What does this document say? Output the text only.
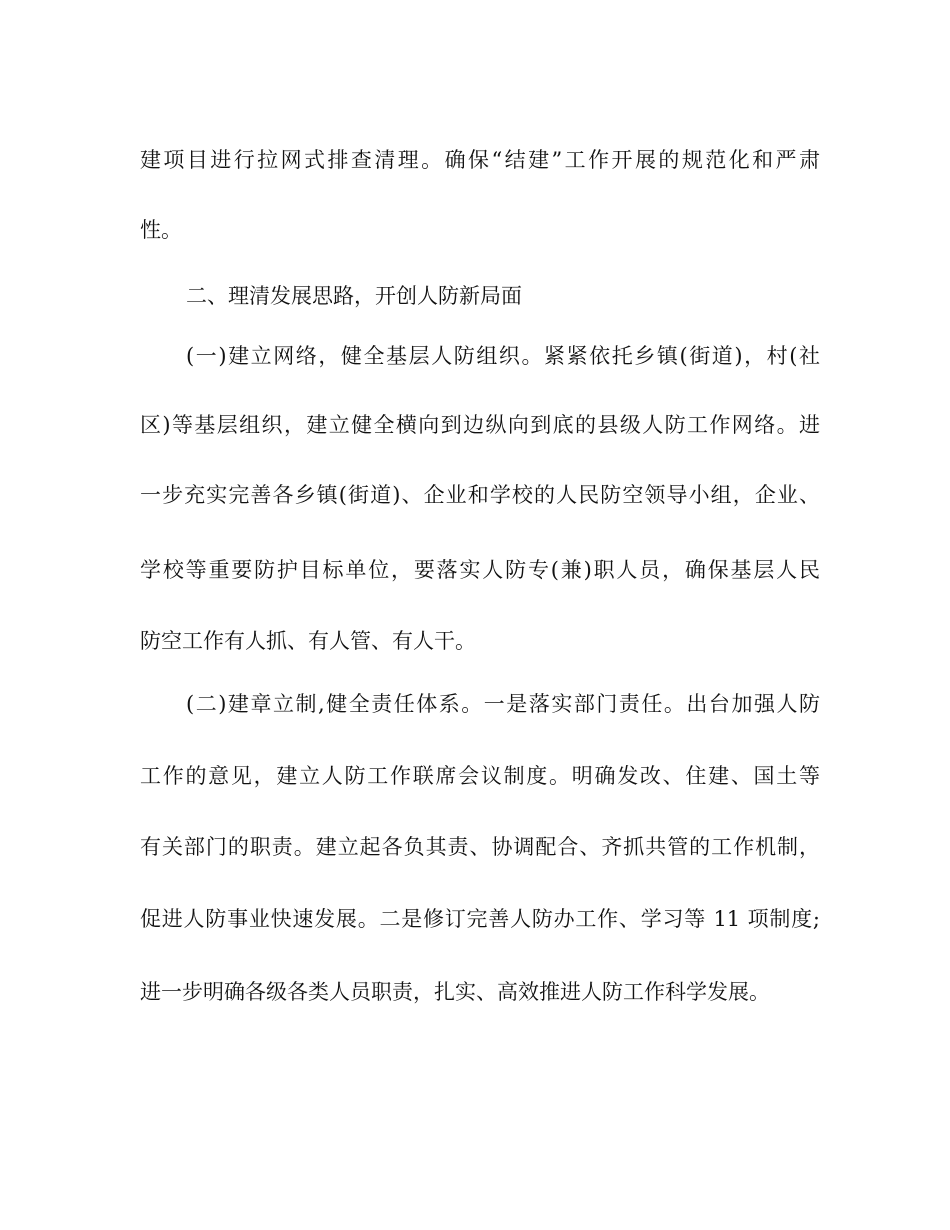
建项目进行拉网式排查清理。确保“结建”工作开展的规范化和严肃
性。
二、理清发展思路，开创人防新局面
(一)建立网络，健全基层人防组织。紧紧依托乡镇(街道)，村(社
区)等基层组织，建立健全横向到边纵向到底的县级人防工作网络。进
一步充实完善各乡镇(街道)、企业和学校的人民防空领导小组，企业、
学校等重要防护目标单位，要落实人防专(兼)职人员，确保基层人民
防空工作有人抓、有人管、有人干。
(二)建章立制,健全责任体系。一是落实部门责任。出台加强人防
工作的意见，建立人防工作联席会议制度。明确发改、住建、国土等
有关部门的职责。建立起各负其责、协调配合、齐抓共管的工作机制，
促进人防事业快速发展。二是修订完善人防办工作、学习等 11 项制度;
进一步明确各级各类人员职责，扎实、高效推进人防工作科学发展。
